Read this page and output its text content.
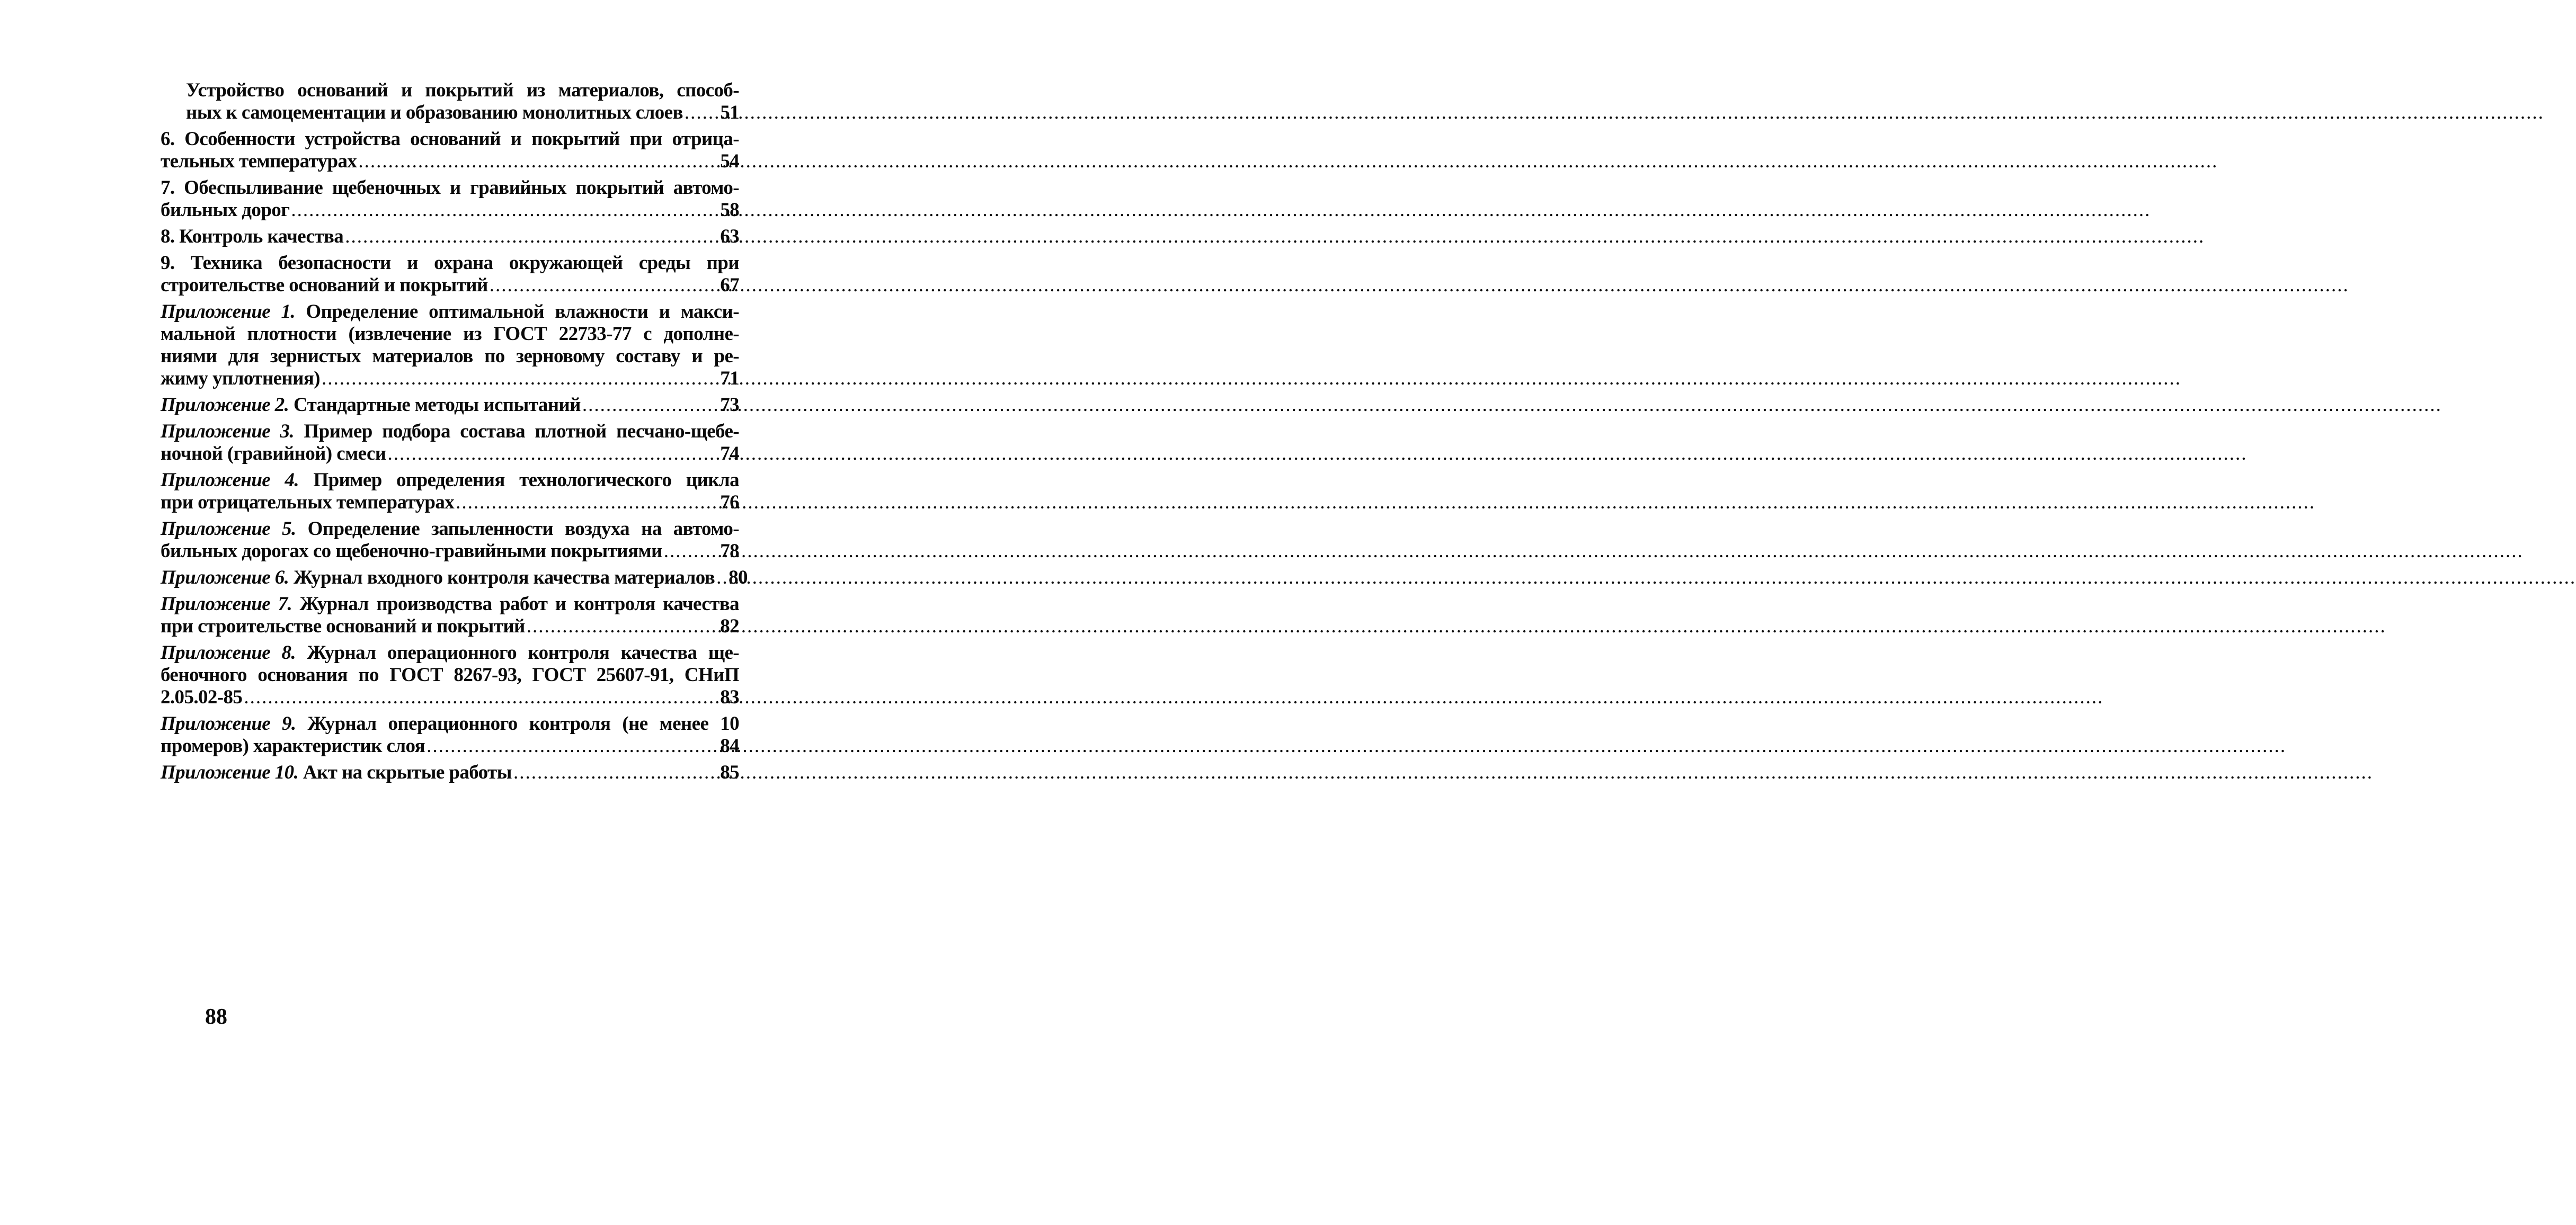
Устройство оснований и покрытий из материалов, способ-
ных к самоцементации и образованию монолитных слоев ..... 51
6. Особенности устройства оснований и покрытий при отрица-
тельных температурах .....	54
7. Обеспыливание щебеночных и гравийных покрытий автомо-
бильных дорог .....	58
8. Контроль качества .....	63
9. Техника безопасности и охрана окружающей среды при
строительстве оснований и покрытий .....	67
Приложение 1. Определение оптимальной влажности и макси-
мальной плотности (извлечение из ГОСТ 22733-77 с дополне-
ниями для зернистых материалов по зерновому составу и ре-
жиму уплотнения) .....	71
Приложение 2. Стандартные методы испытаний .....	73
Приложение 3. Пример подбора состава плотной песчано-щебе-
ночной (гравийной) смеси .....	74
Приложение 4. Пример определения технологического цикла
при отрицательных температурах .....	76
Приложение 5. Определение запыленности воздуха на автомо-
бильных дорогах со щебеночно-гравийными покрытиями .....	78
Приложение 6. Журнал входного контроля качества материалов ..... 80
Приложение 7. Журнал производства работ и контроля качества
при строительстве оснований и покрытий .....	82
Приложение 8. Журнал операционного контроля качества ще-
беночного основания по ГОСТ 8267-93, ГОСТ 25607-91, СНиП
2.05.02-85 .....	83
Приложение 9. Журнал операционного контроля (не менее 10
промеров) характеристик слоя .....	84
Приложение 10. Акт на скрытые работы .....	85
88
